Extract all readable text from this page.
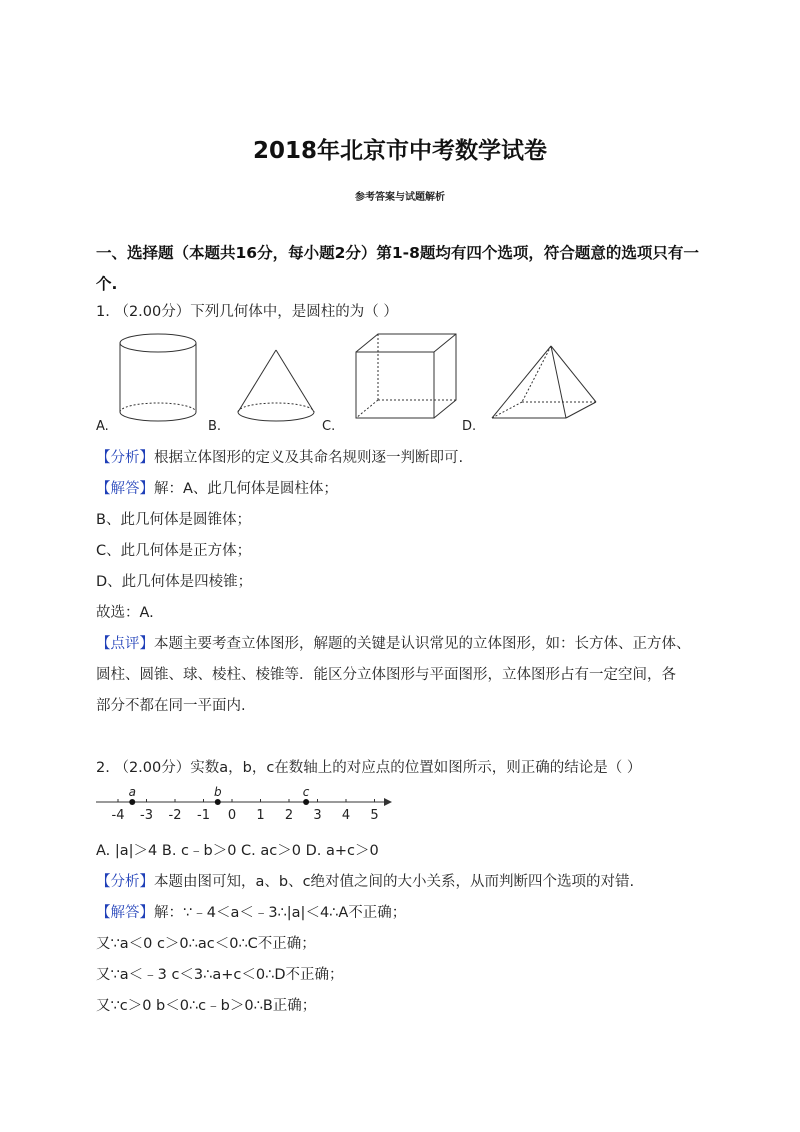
2018年北京市中考数学试卷
参考答案与试题解析
一、选择题（本题共16分，每小题2分）第1-8题均有四个选项，符合题意的选项只有一
个.
1. （2.00分）下列几何体中，是圆柱的为（ ）
A.	B.	C.	D.
【分析】根据立体图形的定义及其命名规则逐一判断即可.
【解答】解：A、此几何体是圆柱体；
B、此几何体是圆锥体；
C、此几何体是正方体；
D、此几何体是四棱锥；
故选：A.
【点评】本题主要考查立体图形，解题的关键是认识常见的立体图形，如：长方体、正方体、
圆柱、圆锥、球、棱柱、棱锥等．能区分立体图形与平面图形，立体图形占有一定空间，各
部分不都在同一平面内.
2. （2.00分）实数a，b，c在数轴上的对应点的位置如图所示，则正确的结论是（ ）
-4 -3 -2 -1 0 1 2 3 4 5
a	b	c
A. |a|＞4 B. c﹣b＞0 C. ac＞0 D. a+c＞0
【分析】本题由图可知，a、b、c绝对值之间的大小关系，从而判断四个选项的对错.
【解答】解：∵﹣4＜a＜﹣3∴|a|＜4∴A不正确；
又∵a＜0 c＞0∴ac＜0∴C不正确；
又∵a＜﹣3 c＜3∴a+c＜0∴D不正确；
又∵c＞0 b＜0∴c﹣b＞0∴B正确；
